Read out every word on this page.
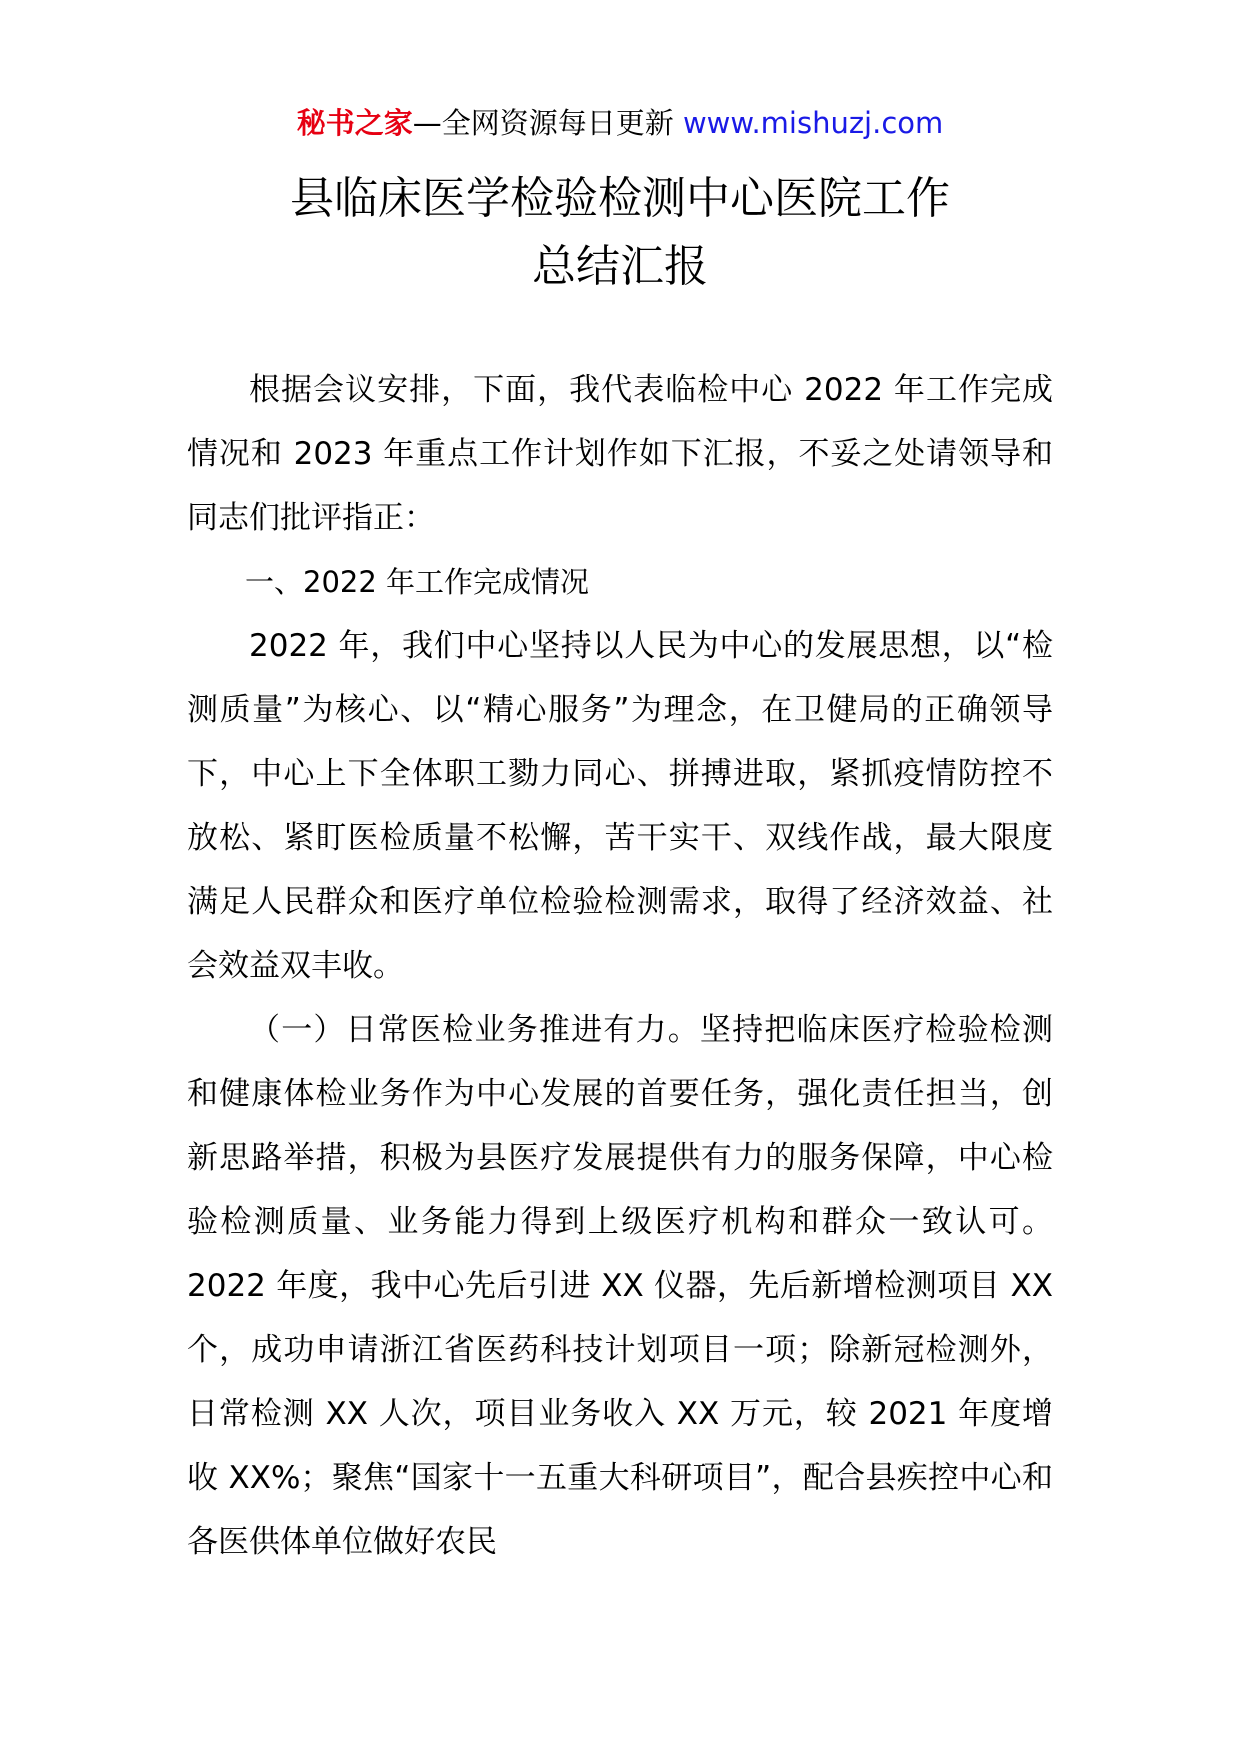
秘书之家—全网资源每日更新 www.mishuzj.com
县临床医学检验检测中心医院工作
总结汇报

根据会议安排，下面，我代表临检中心 2022 年工作完成情况和 2023 年重点工作计划作如下汇报，不妥之处请领导和同志们批评指正：

一、2022 年工作完成情况

2022 年，我们中心坚持以人民为中心的发展思想，以“检测质量”为核心、以“精心服务”为理念，在卫健局的正确领导下，中心上下全体职工勠力同心、拼搏进取，紧抓疫情防控不放松、紧盯医检质量不松懈，苦干实干、双线作战，最大限度满足人民群众和医疗单位检验检测需求，取得了经济效益、社会效益双丰收。

（一）日常医检业务推进有力。坚持把临床医疗检验检测和健康体检业务作为中心发展的首要任务，强化责任担当，创新思路举措，积极为县医疗发展提供有力的服务保障，中心检验检测质量、业务能力得到上级医疗机构和群众一致认可。2022 年度，我中心先后引进 XX 仪器，先后新增检测项目 XX 个，成功申请浙江省医药科技计划项目一项；除新冠检测外，日常检测 XX 人次，项目业务收入 XX 万元，较 2021 年度增收 XX%；聚焦“国家十一五重大科研项目”，配合县疾控中心和各医供体单位做好农民
